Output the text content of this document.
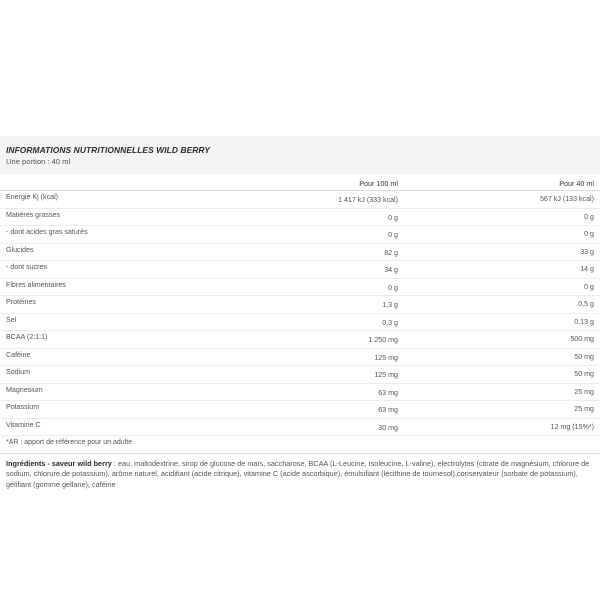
INFORMATIONS NUTRITIONNELLES WILD BERRY
Une portion : 40 ml
Pour 100 ml	Pour 40 ml
Energie Kj (kcal)	1 417 kJ (333 kcal)	567 kJ (133 kcal)
Matières grasses	0 g	0 g
- dont acides gras saturés	0 g	0 g
Glucides	82 g	33 g
- dont sucres	34 g	14 g
Fibres alimentaires	0 g	0 g
Protéines	1,3 g	0,5 g
Sel	0,3 g	0,13 g
BCAA (2:1:1)	1 250 mg	500 mg
Caféine	125 mg	50 mg
Sodium	125 mg	50 mg
Magnesium	63 mg	25 mg
Potassium	63 mg	25 mg
Vitamine C	30 mg	12 mg (15%*)
*AR : apport de référence pour un adulte
Ingrédients - saveur wild berry : eau, maltodextrine, sirop de glucose de maïs, saccharose, BCAA (L-Leucine, Isoleucine, L-valine), electrolytes (citrate de magnésium, chlorure de sodium, chlorure de potassium), arôme naturel, acidifiant (acide citrique), vitamine C (acide ascorbique), émulsifiant (lécithine de tournesol),conservateur (sorbate de potassium), gélifiant (gomme gellane), caféine
